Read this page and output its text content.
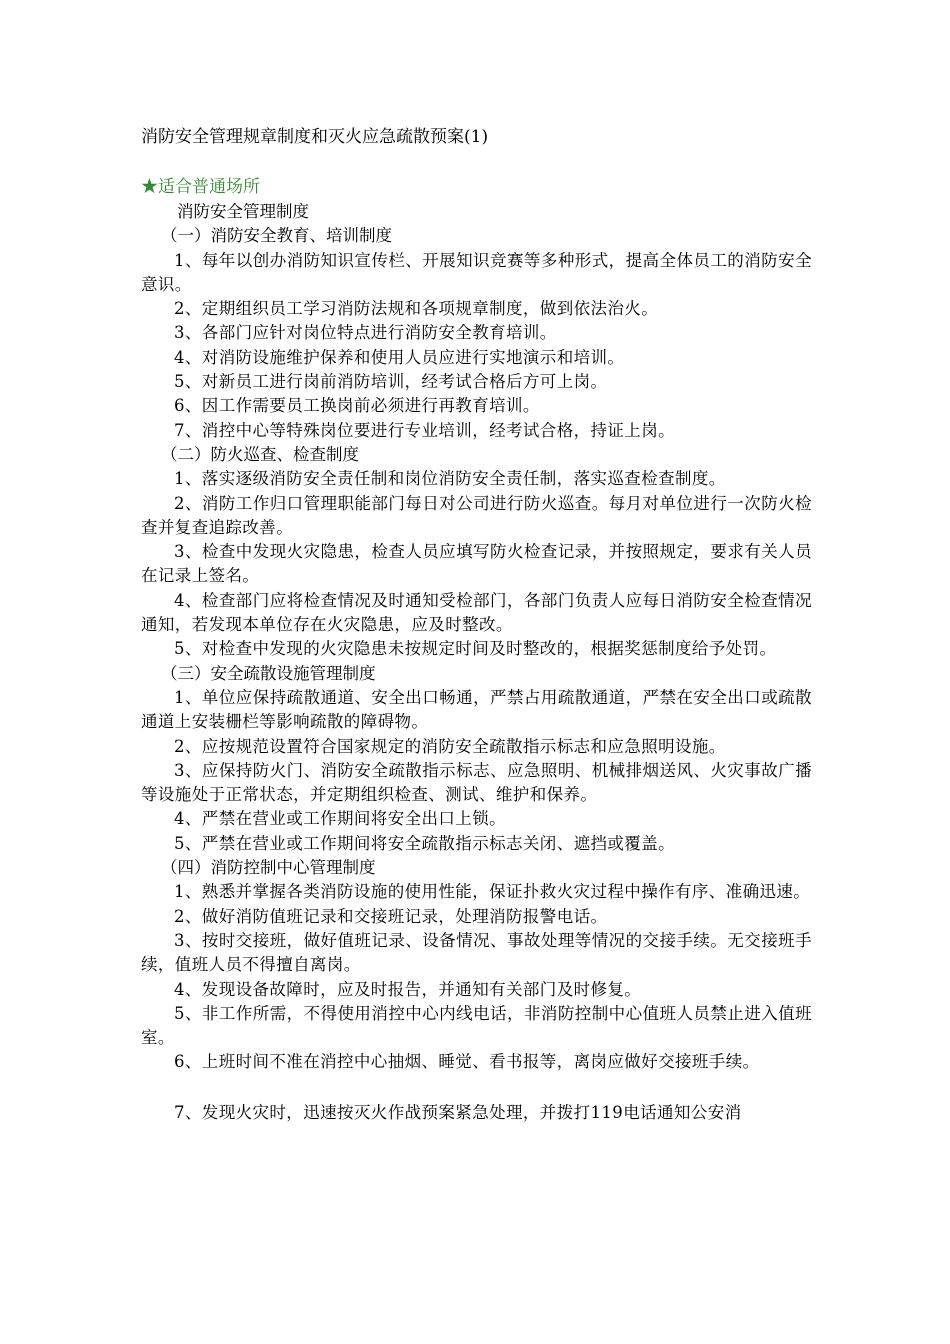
消防安全管理规章制度和灭火应急疏散预案(1)

★适合普通场所

消防安全管理制度

（一）消防安全教育、培训制度

1、每年以创办消防知识宣传栏、开展知识竞赛等多种形式，提高全体员工的消防安全意识。

2、定期组织员工学习消防法规和各项规章制度，做到依法治火。

3、各部门应针对岗位特点进行消防安全教育培训。

4、对消防设施维护保养和使用人员应进行实地演示和培训。

5、对新员工进行岗前消防培训，经考试合格后方可上岗。

6、因工作需要员工换岗前必须进行再教育培训。

7、消控中心等特殊岗位要进行专业培训，经考试合格，持证上岗。

（二）防火巡查、检查制度

1、落实逐级消防安全责任制和岗位消防安全责任制，落实巡查检查制度。

2、消防工作归口管理职能部门每日对公司进行防火巡查。每月对单位进行一次防火检查并复查追踪改善。

3、检查中发现火灾隐患，检查人员应填写防火检查记录，并按照规定，要求有关人员在记录上签名。

4、检查部门应将检查情况及时通知受检部门，各部门负责人应每日消防安全检查情况通知，若发现本单位存在火灾隐患，应及时整改。

5、对检查中发现的火灾隐患未按规定时间及时整改的，根据奖惩制度给予处罚。

（三）安全疏散设施管理制度

1、单位应保持疏散通道、安全出口畅通，严禁占用疏散通道，严禁在安全出口或疏散通道上安装栅栏等影响疏散的障碍物。

2、应按规范设置符合国家规定的消防安全疏散指示标志和应急照明设施。

3、应保持防火门、消防安全疏散指示标志、应急照明、机械排烟送风、火灾事故广播等设施处于正常状态，并定期组织检查、测试、维护和保养。

4、严禁在营业或工作期间将安全出口上锁。

5、严禁在营业或工作期间将安全疏散指示标志关闭、遮挡或覆盖。

（四）消防控制中心管理制度

1、熟悉并掌握各类消防设施的使用性能，保证扑救火灾过程中操作有序、准确迅速。

2、做好消防值班记录和交接班记录，处理消防报警电话。

3、按时交接班，做好值班记录、设备情况、事故处理等情况的交接手续。无交接班手续，值班人员不得擅自离岗。

4、发现设备故障时，应及时报告，并通知有关部门及时修复。

5、非工作所需，不得使用消控中心内线电话，非消防控制中心值班人员禁止进入值班室。

6、上班时间不准在消控中心抽烟、睡觉、看书报等，离岗应做好交接班手续。

7、发现火灾时，迅速按灭火作战预案紧急处理，并拨打119电话通知公安消
